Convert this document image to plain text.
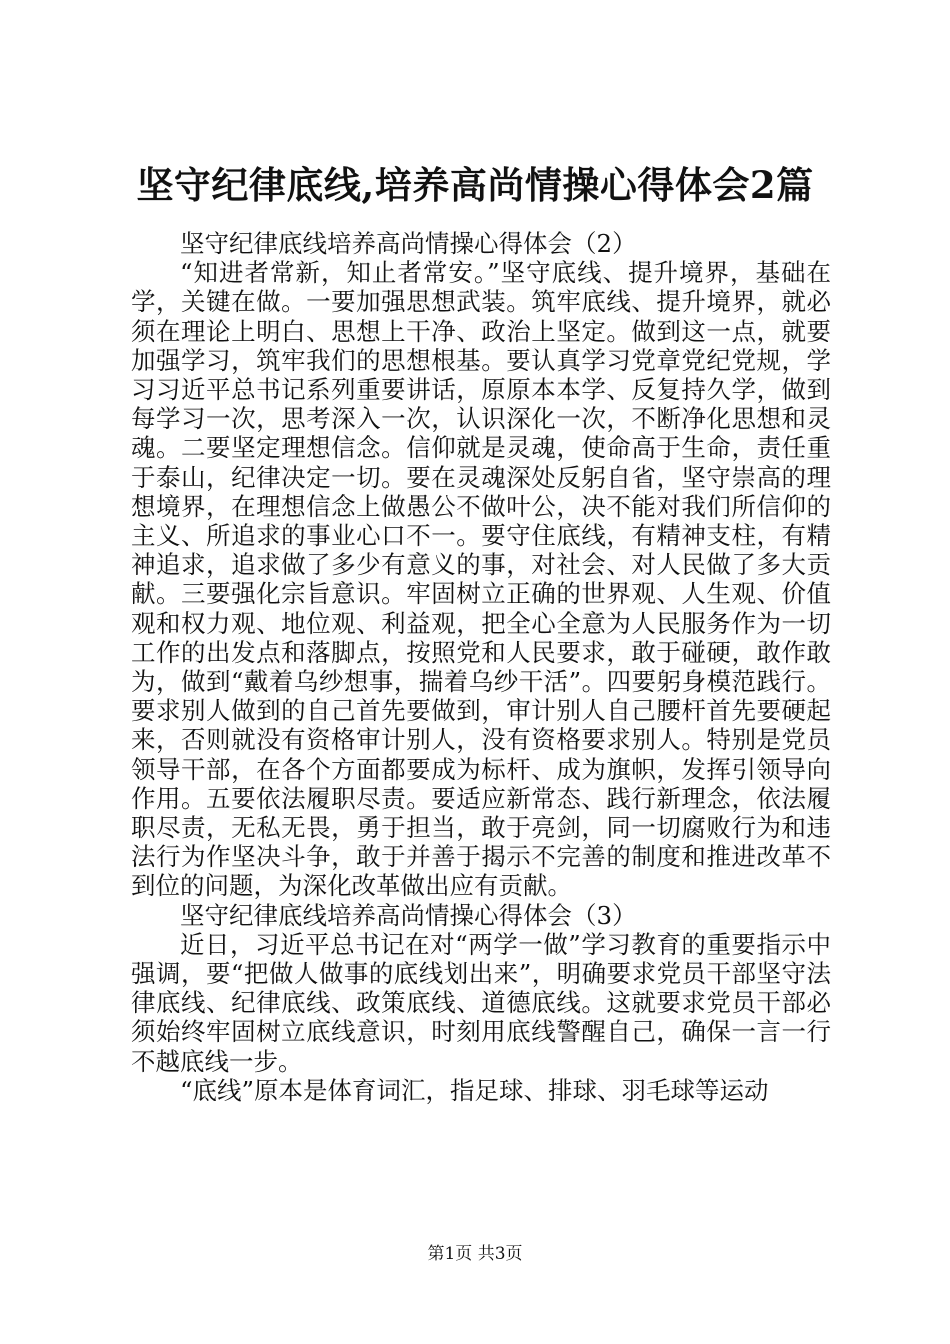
坚守纪律底线,培养高尚情操心得体会2篇

坚守纪律底线培养高尚情操心得体会（2）

“知进者常新，知止者常安。”坚守底线、提升境界，基础在学，关键在做。一要加强思想武装。筑牢底线、提升境界，就必须在理论上明白、思想上干净、政治上坚定。做到这一点，就要加强学习，筑牢我们的思想根基。要认真学习党章党纪党规，学习习近平总书记系列重要讲话，原原本本学、反复持久学，做到每学习一次，思考深入一次，认识深化一次，不断净化思想和灵魂。二要坚定理想信念。信仰就是灵魂，使命高于生命，责任重于泰山，纪律决定一切。要在灵魂深处反躬自省，坚守崇高的理想境界，在理想信念上做愚公不做叶公，决不能对我们所信仰的主义、所追求的事业心口不一。要守住底线，有精神支柱，有精神追求，追求做了多少有意义的事，对社会、对人民做了多大贡献。三要强化宗旨意识。牢固树立正确的世界观、人生观、价值观和权力观、地位观、利益观，把全心全意为人民服务作为一切工作的出发点和落脚点，按照党和人民要求，敢于碰硬，敢作敢为，做到“戴着乌纱想事，揣着乌纱干活”。四要躬身模范践行。要求别人做到的自己首先要做到，审计别人自己腰杆首先要硬起来，否则就没有资格审计别人，没有资格要求别人。特别是党员领导干部，在各个方面都要成为标杆、成为旗帜，发挥引领导向作用。五要依法履职尽责。要适应新常态、践行新理念，依法履职尽责，无私无畏，勇于担当，敢于亮剑，同一切腐败行为和违法行为作坚决斗争，敢于并善于揭示不完善的制度和推进改革不到位的问题，为深化改革做出应有贡献。

坚守纪律底线培养高尚情操心得体会（3）

近日，习近平总书记在对“两学一做”学习教育的重要指示中强调，要“把做人做事的底线划出来”，明确要求党员干部坚守法律底线、纪律底线、政策底线、道德底线。这就要求党员干部必须始终牢固树立底线意识，时刻用底线警醒自己，确保一言一行不越底线一步。

“底线”原本是体育词汇，指足球、排球、羽毛球等运动

第1页 共3页
